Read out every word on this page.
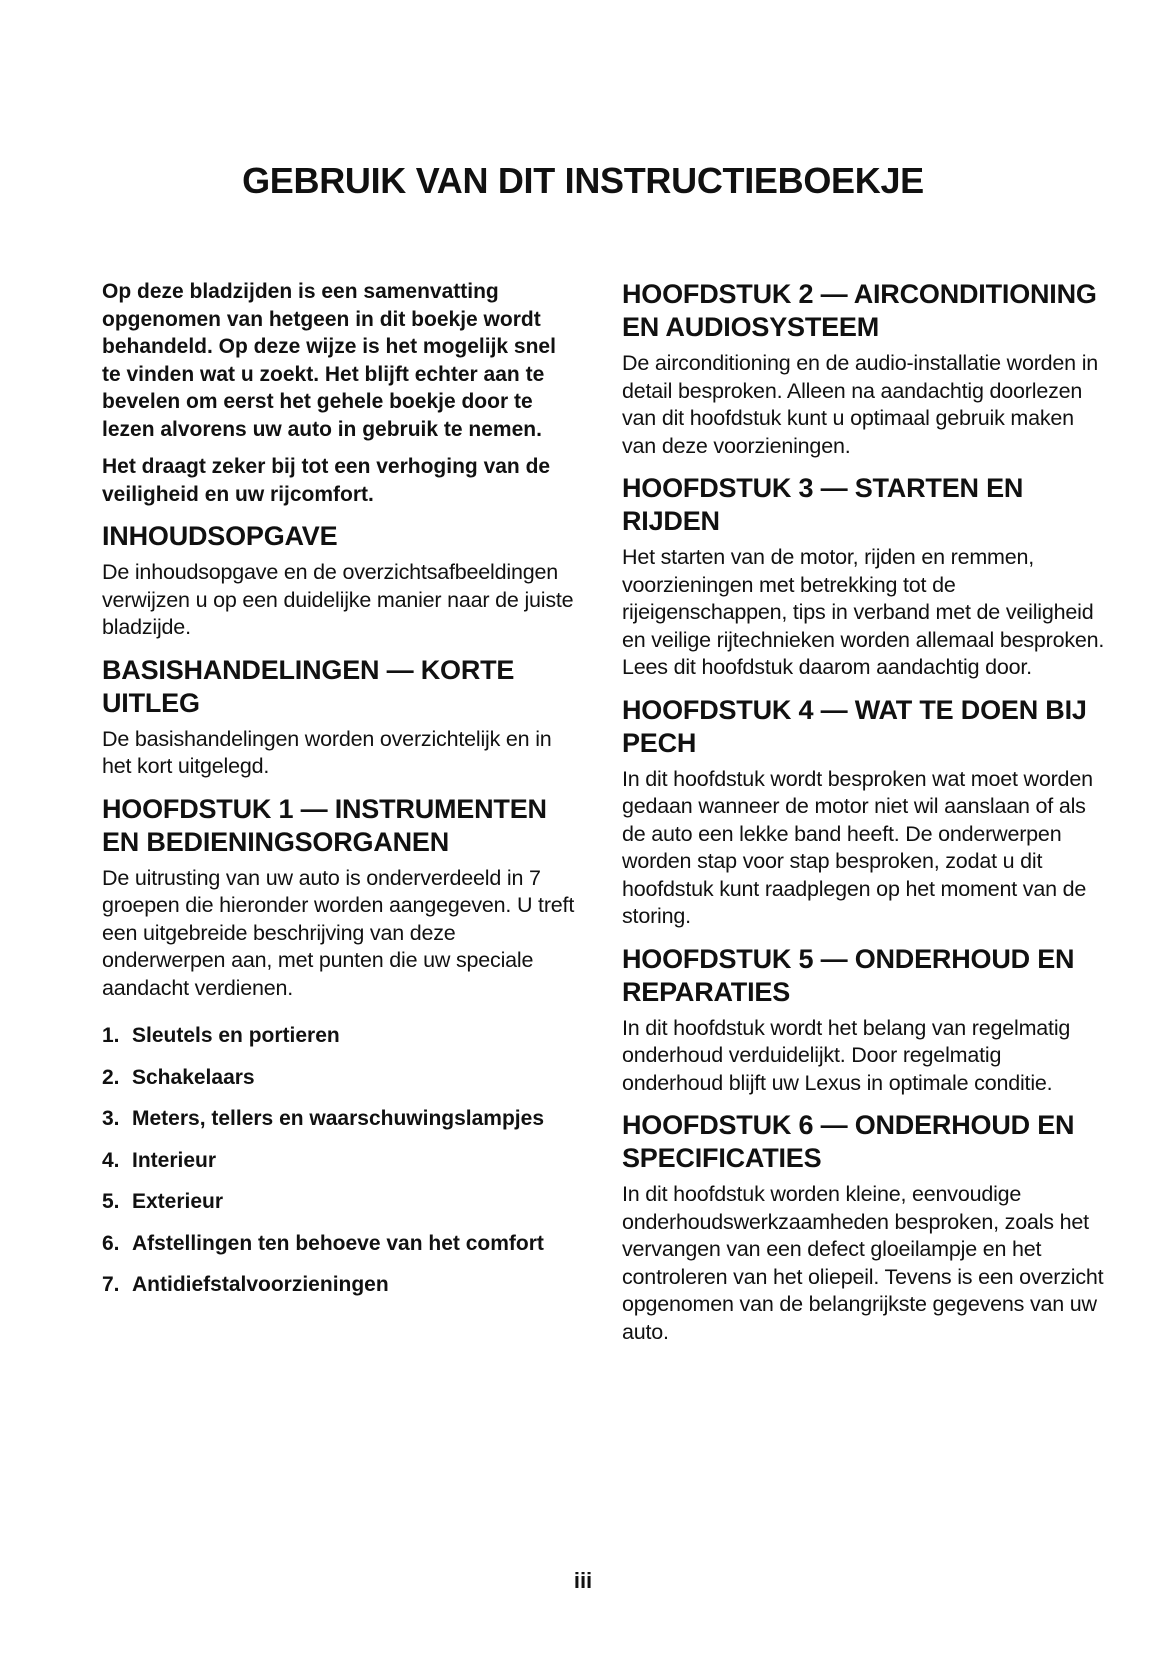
GEBRUIK VAN DIT INSTRUCTIEBOEKJE

Op deze bladzijden is een samenvatting opgenomen van hetgeen in dit boekje wordt behandeld. Op deze wijze is het mogelijk snel te vinden wat u zoekt. Het blijft echter aan te bevelen om eerst het gehele boekje door te lezen alvorens uw auto in gebruik te nemen.

Het draagt zeker bij tot een verhoging van de veiligheid en uw rijcomfort.

INHOUDSOPGAVE

De inhoudsopgave en de overzichtsafbeeldingen verwijzen u op een duidelijke manier naar de juiste bladzijde.

BASISHANDELINGEN — KORTE UITLEG

De basishandelingen worden overzichtelijk en in het kort uitgelegd.

HOOFDSTUK 1 — INSTRUMENTEN EN BEDIENINGSORGANEN

De uitrusting van uw auto is onderverdeeld in 7 groepen die hieronder worden aangegeven. U treft een uitgebreide beschrijving van deze onderwerpen aan, met punten die uw speciale aandacht verdienen.

1. Sleutels en portieren
2. Schakelaars
3. Meters, tellers en waarschuwingslampjes
4. Interieur
5. Exterieur
6. Afstellingen ten behoeve van het comfort
7. Antidiefstalvoorzieningen
HOOFDSTUK 2 — AIRCONDITIONING EN AUDIOSYSTEEM

De airconditioning en de audio-installatie worden in detail besproken. Alleen na aandachtig doorlezen van dit hoofdstuk kunt u optimaal gebruik maken van deze voorzieningen.

HOOFDSTUK 3 — STARTEN EN RIJDEN

Het starten van de motor, rijden en remmen, voorzieningen met betrekking tot de rijeigenschappen, tips in verband met de veiligheid en veilige rijtechnieken worden allemaal besproken. Lees dit hoofdstuk daarom aandachtig door.

HOOFDSTUK 4 — WAT TE DOEN BIJ PECH

In dit hoofdstuk wordt besproken wat moet worden gedaan wanneer de motor niet wil aanslaan of als de auto een lekke band heeft. De onderwerpen worden stap voor stap besproken, zodat u dit hoofdstuk kunt raadplegen op het moment van de storing.

HOOFDSTUK 5 — ONDERHOUD EN REPARATIES

In dit hoofdstuk wordt het belang van regelmatig onderhoud verduidelijkt. Door regelmatig onderhoud blijft uw Lexus in optimale conditie.

HOOFDSTUK 6 — ONDERHOUD EN SPECIFICATIES

In dit hoofdstuk worden kleine, eenvoudige onderhoudswerkzaamheden besproken, zoals het vervangen van een defect gloeilampje en het controleren van het oliepeil. Tevens is een overzicht opgenomen van de belangrijkste gegevens van uw auto.

iii
